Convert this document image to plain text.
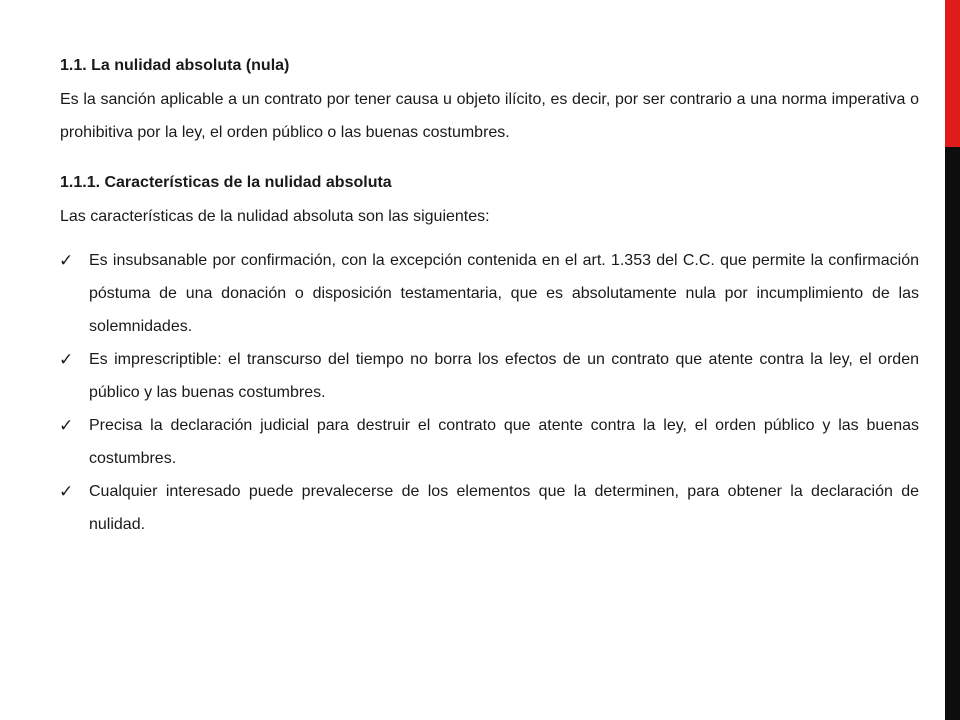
1.1. La nulidad absoluta (nula)

Es la sanción aplicable a un contrato por tener causa u objeto ilícito, es decir, por ser contrario a una norma imperativa o prohibitiva por la ley, el orden público o las buenas costumbres.

1.1.1. Características de la nulidad absoluta

Las características de la nulidad absoluta son las siguientes:

✓ Es insubsanable por confirmación, con la excepción contenida en el art. 1.353 del C.C. que permite la confirmación póstuma de una donación o disposición testamentaria, que es absolutamente nula por incumplimiento de las solemnidades.
✓ Es imprescriptible: el transcurso del tiempo no borra los efectos de un contrato que atente contra la ley, el orden público y las buenas costumbres.
✓ Precisa la declaración judicial para destruir el contrato que atente contra la ley, el orden público y las buenas costumbres.
✓ Cualquier interesado puede prevalecerse de los elementos que la determinen, para obtener la declaración de nulidad.
